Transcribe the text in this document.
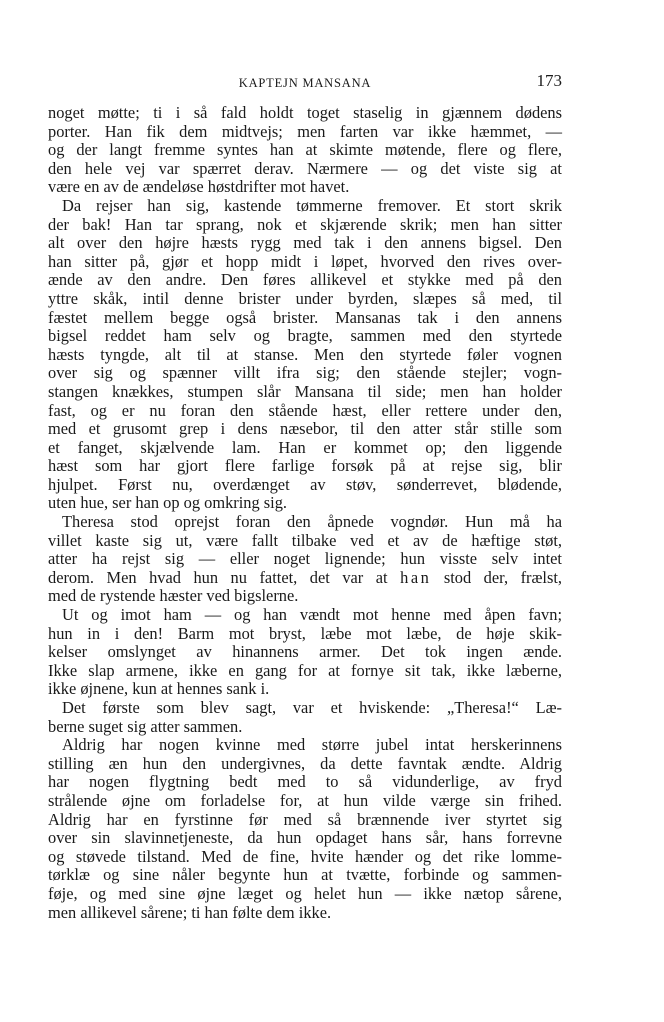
KAPTEJN MANSANA	173
noget møtte; ti i så fald holdt toget staselig in gjænnem dødens
porter. Han fik dem midtvejs; men farten var ikke hæmmet, —
og der langt fremme syntes han at skimte møtende, flere og flere,
den hele vej var spærret derav. Nærmere — og det viste sig at
være en av de ændeløse høstdrifter mot havet.
Da rejser han sig, kastende tømmerne fremover. Et stort skrik
der bak! Han tar sprang, nok et skjærende skrik; men han sitter
alt over den højre hæsts rygg med tak i den annens bigsel. Den
han sitter på, gjør et hopp midt i løpet, hvorved den rives over-
ænde av den andre. Den føres allikevel et stykke med på den
yttre skåk, intil denne brister under byrden, slæpes så med, til
fæstet mellem begge også brister. Mansanas tak i den annens
bigsel reddet ham selv og bragte, sammen med den styrtede
hæsts tyngde, alt til at stanse. Men den styrtede føler vognen
over sig og spænner villt ifra sig; den stående stejler; vogn-
stangen knækkes, stumpen slår Mansana til side; men han holder
fast, og er nu foran den stående hæst, eller rettere under den,
med et grusomt grep i dens næsebor, til den atter står stille som
et fanget, skjælvende lam. Han er kommet op; den liggende
hæst som har gjort flere farlige forsøk på at rejse sig, blir
hjulpet. Først nu, overdænget av støv, sønderrevet, blødende,
uten hue, ser han op og omkring sig.
Theresa stod oprejst foran den åpnede vogndør. Hun må ha
villet kaste sig ut, være fallt tilbake ved et av de hæftige støt,
atter ha rejst sig — eller noget lignende; hun visste selv intet
derom. Men hvad hun nu fattet, det var at han stod der, frælst,
med de rystende hæster ved bigslerne.
Ut og imot ham — og han vændt mot henne med åpen favn;
hun in i den! Barm mot bryst, læbe mot læbe, de høje skik-
kelser omslynget av hinannens armer. Det tok ingen ænde.
Ikke slap armene, ikke en gang for at fornye sit tak, ikke læberne,
ikke øjnene, kun at hennes sank i.
Det første som blev sagt, var et hviskende: „Theresa!“ Læ-
berne suget sig atter sammen.
Aldrig har nogen kvinne med større jubel intat herskerinnens
stilling æn hun den undergivnes, da dette favntak ændte. Aldrig
har nogen flygtning bedt med to så vidunderlige, av fryd
strålende øjne om forladelse for, at hun vilde værge sin frihed.
Aldrig har en fyrstinne før med så brænnende iver styrtet sig
over sin slavinnetjeneste, da hun opdaget hans sår, hans forrevne
og støvede tilstand. Med de fine, hvite hænder og det rike lomme-
tørklæ og sine nåler begynte hun at tvætte, forbinde og sammen-
føje, og med sine øjne læget og helet hun — ikke nætop sårene,
men allikevel sårene; ti han følte dem ikke.
